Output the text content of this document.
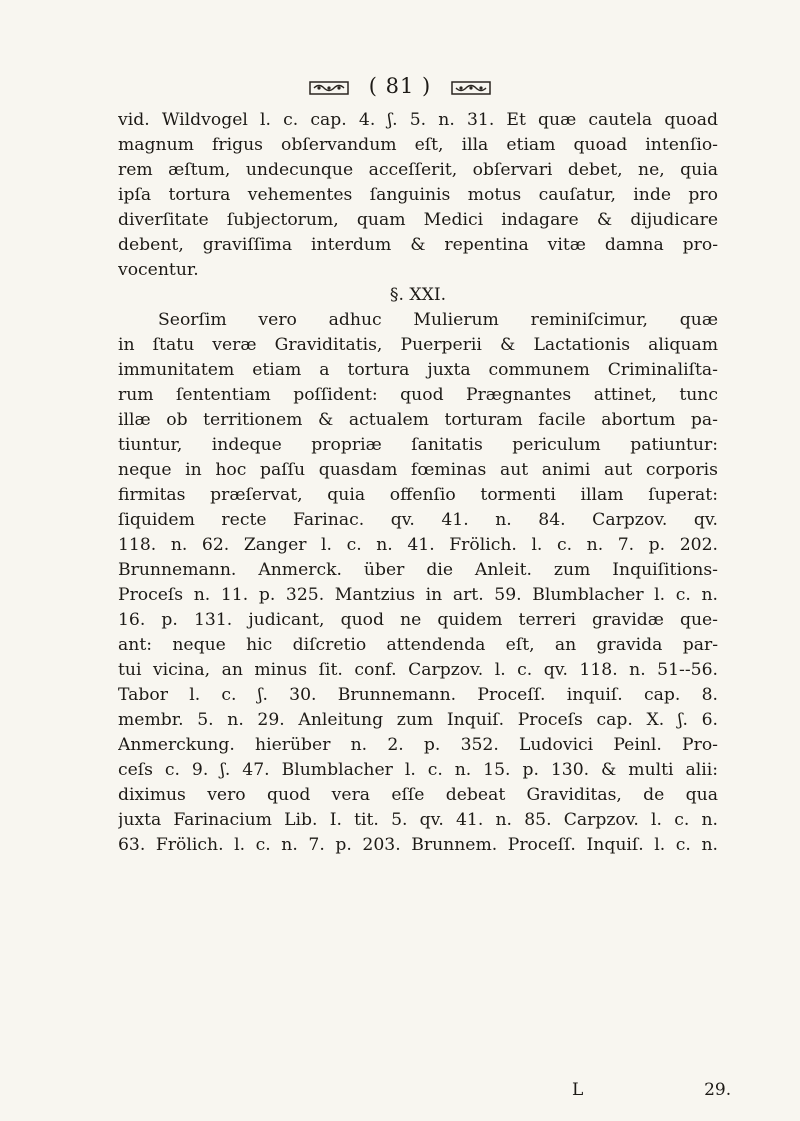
( 81 )
vid. Wildvogel l. c. cap. 4. ʃ. 5. n. 31. Et quæ cautela quoad
magnum frigus obſervandum eſt, illa etiam quoad intenſio-
rem æſtum, undecunque acceſſerit, obſervari debet, ne, quia
ipſa tortura vehementes ſanguinis motus cauſatur, inde pro
diverſitate ſubjectorum, quam Medici indagare & dijudicare
debent, graviſſima interdum & repentina vitæ damna pro-
vocentur.
§. XXI.
Seorſim vero adhuc Mulierum reminiſcimur, quæ
in ſtatu veræ Graviditatis, Puerperii & Lactationis aliquam
immunitatem etiam a tortura juxta communem Criminaliſta-
rum ſententiam poſſident: quod Prægnantes attinet, tunc
illæ ob territionem & actualem torturam facile abortum pa-
tiuntur, indeque propriæ ſanitatis periculum patiuntur:
neque in hoc paſſu quasdam fœminas aut animi aut corporis
firmitas præſervat, quia offenſio tormenti illam ſuperat:
ſiquidem recte Farinac. qv. 41. n. 84. Carpzov. qv.
118. n. 62. Zanger l. c. n. 41. Frölich. l. c. n. 7. p. 202.
Brunnemann. Anmerck. über die Anleit. zum Inquiſitions-
Proceſs n. 11. p. 325. Mantzius in art. 59. Blumblacher l. c. n.
16. p. 131. judicant, quod ne quidem terreri gravidæ que-
ant: neque hic diſcretio attendenda eſt, an gravida par-
tui vicina, an minus ſit. conf. Carpzov. l. c. qv. 118. n. 51--56.
Tabor l. c. ʃ. 30. Brunnemann. Proceſſ. inquiſ. cap. 8.
membr. 5. n. 29. Anleitung zum Inquiſ. Proceſs cap. X. ʃ. 6.
Anmerckung. hierüber n. 2. p. 352. Ludovici Peinl. Pro-
ceſs c. 9. ʃ. 47. Blumblacher l. c. n. 15. p. 130. & multi alii:
diximus vero quod vera eſſe debeat Graviditas, de qua
juxta Farinacium Lib. I. tit. 5. qv. 41. n. 85. Carpzov. l. c. n.
63. Frölich. l. c. n. 7. p. 203. Brunnem. Proceſſ. Inquiſ. l. c. n.
L	29.
